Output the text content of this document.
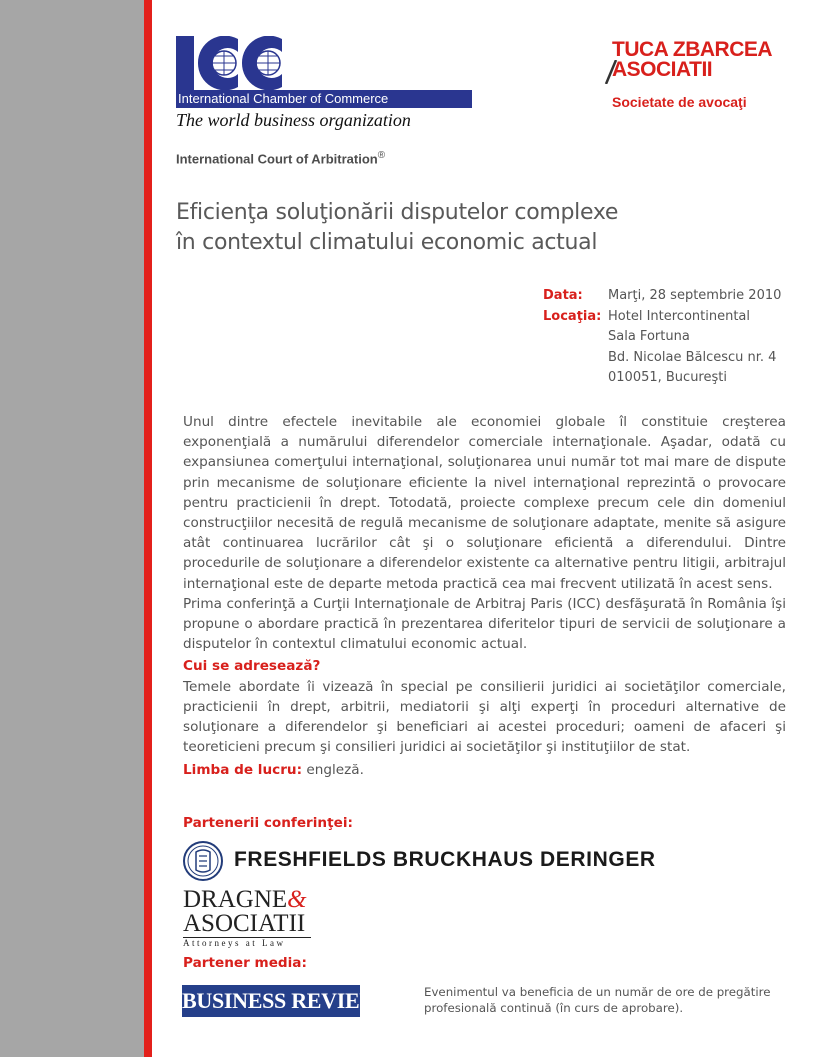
International Chamber of Commerce
The world business organization
International Court of Arbitration®
TUCA ZBARCEA
ASOCIATII
Societate de avocaţi
Eficienţa soluţionării disputelor complexe
în contextul climatului economic actual
Data: Marţi, 28 septembrie 2010
Locaţia: Hotel Intercontinental
Sala Fortuna
Bd. Nicolae Bălcescu nr. 4
010051, Bucureşti

Unul dintre efectele inevitabile ale economiei globale îl constituie creşterea exponenţială a numărului diferendelor comerciale internaţionale. Aşadar, odată cu expansiunea comerţului internaţional, soluţionarea unui număr tot mai mare de dispute prin mecanisme de soluţionare eficiente la nivel internaţional reprezintă o provocare pentru practicienii în drept. Totodată, proiecte complexe precum cele din domeniul construcţiilor necesită de regulă mecanisme de soluţionare adaptate, menite să asigure atât continuarea lucrărilor cât şi o soluţionare eficientă a diferendului. Dintre procedurile de soluţionare a diferendelor existente ca alternative pentru litigii, arbitrajul internaţional este de departe metoda practică cea mai frecvent utilizată în acest sens.

Prima conferinţă a Curţii Internaţionale de Arbitraj Paris (ICC) desfăşurată în România îşi propune o abordare practică în prezentarea diferitelor tipuri de servicii de soluţionare a disputelor în contextul climatului economic actual.

Cui se adresează?

Temele abordate îi vizează în special pe consilierii juridici ai societăţilor comerciale, practicienii în drept, arbitrii, mediatorii şi alţi experţi în proceduri alternative de soluţionare a diferendelor şi beneficiari ai acestei proceduri; oameni de afaceri şi teoreticieni precum şi consilieri juridici ai societăţilor şi instituţiilor de stat.

Limba de lucru: engleză.

Partenerii conferinţei:
FRESHFIELDS BRUCKHAUS DERINGER
DRAGNE&
ASOCIATII
Attorneys at Law
Partener media:
BUSINESS REVIEW	Evenimentul va beneficia de un număr de ore de pregătire profesională continuă (în curs de aprobare).
